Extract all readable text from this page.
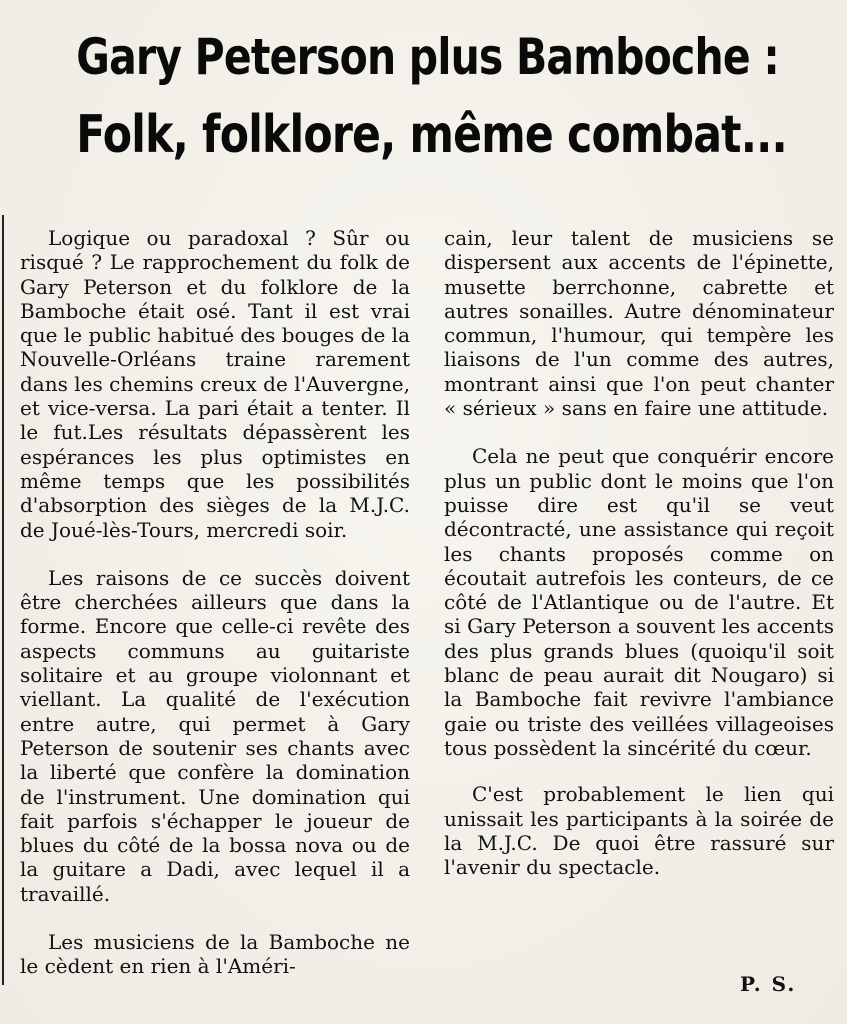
Gary Peterson plus Bamboche :
Folk, folklore, même combat...

Logique ou paradoxal ? Sûr ou risqué ? Le rapprochement du folk de Gary Peterson et du folklore de la Bamboche était osé. Tant il est vrai que le public habitué des bouges de la Nouvelle-Orléans traine rarement dans les chemins creux de l'Auvergne, et vice-versa. La pari était a tenter. Il le fut.Les résultats dépassèrent les espérances les plus optimistes en même temps que les possibilités d'absorption des sièges de la M.J.C. de Joué-lès-Tours, mercredi soir.

Les raisons de ce succès doivent être cherchées ailleurs que dans la forme. Encore que celle-ci revête des aspects communs au guitariste solitaire et au groupe violonnant et viellant. La qualité de l'exécution entre autre, qui permet à Gary Peterson de soutenir ses chants avec la liberté que confère la domination de l'instrument. Une domination qui fait parfois s'échapper le joueur de blues du côté de la bossa nova ou de la guitare a Dadi, avec lequel il a travaillé.

Les musiciens de la Bamboche ne le cèdent en rien à l'Améri-

cain, leur talent de musiciens se dispersent aux accents de l'épinette, musette berrchonne, cabrette et autres sonailles. Autre dénominateur commun, l'humour, qui tempère les liaisons de l'un comme des autres, montrant ainsi que l'on peut chanter « sérieux » sans en faire une attitude.

Cela ne peut que conquérir encore plus un public dont le moins que l'on puisse dire est qu'il se veut décontracté, une assistance qui reçoit les chants proposés comme on écoutait autrefois les conteurs, de ce côté de l'Atlantique ou de l'autre. Et si Gary Peterson a souvent les accents des plus grands blues (quoiqu'il soit blanc de peau aurait dit Nougaro) si la Bamboche fait revivre l'ambiance gaie ou triste des veillées villageoises tous possèdent la sincérité du cœur.

C'est probablement le lien qui unissait les participants à la soirée de la M.J.C. De quoi être rassuré sur l'avenir du spectacle.

P. S.
